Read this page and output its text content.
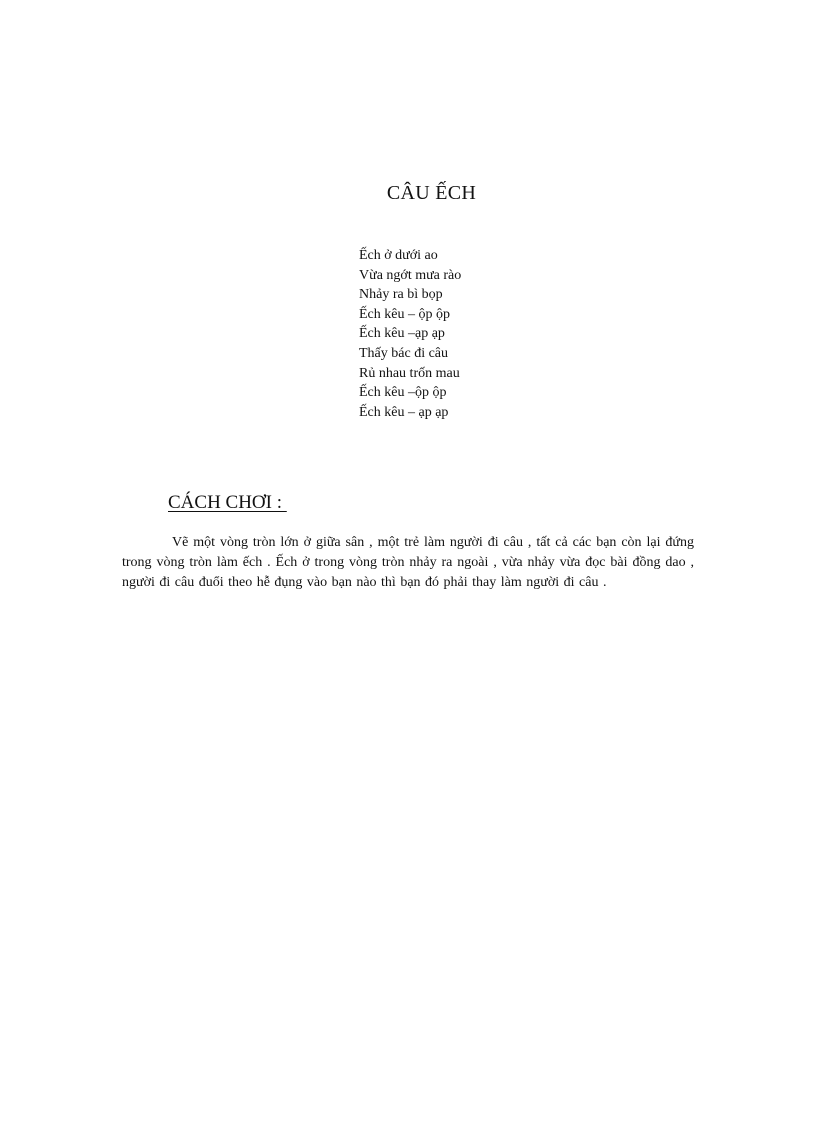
CÂU ẾCH
Ếch ở dưới ao
Vừa ngớt mưa rào
Nhảy ra bì bọp
Ếch kêu – ộp ộp
Ếch kêu –ạp ạp
Thấy bác đi câu
Rủ nhau trốn mau
Ếch kêu –ộp ộp
Ếch kêu – ạp ạp
CÁCH CHƠI :

Vẽ một vòng tròn lớn ở giữa sân , một trẻ làm người đi câu , tất cả các bạn còn lại đứng trong vòng tròn làm ếch . Ếch ở trong vòng tròn nhảy ra ngoài , vừa nhảy vừa đọc bài đồng dao , người đi câu đuổi theo hễ đụng vào bạn nào thì bạn đó phải thay làm người đi câu .
